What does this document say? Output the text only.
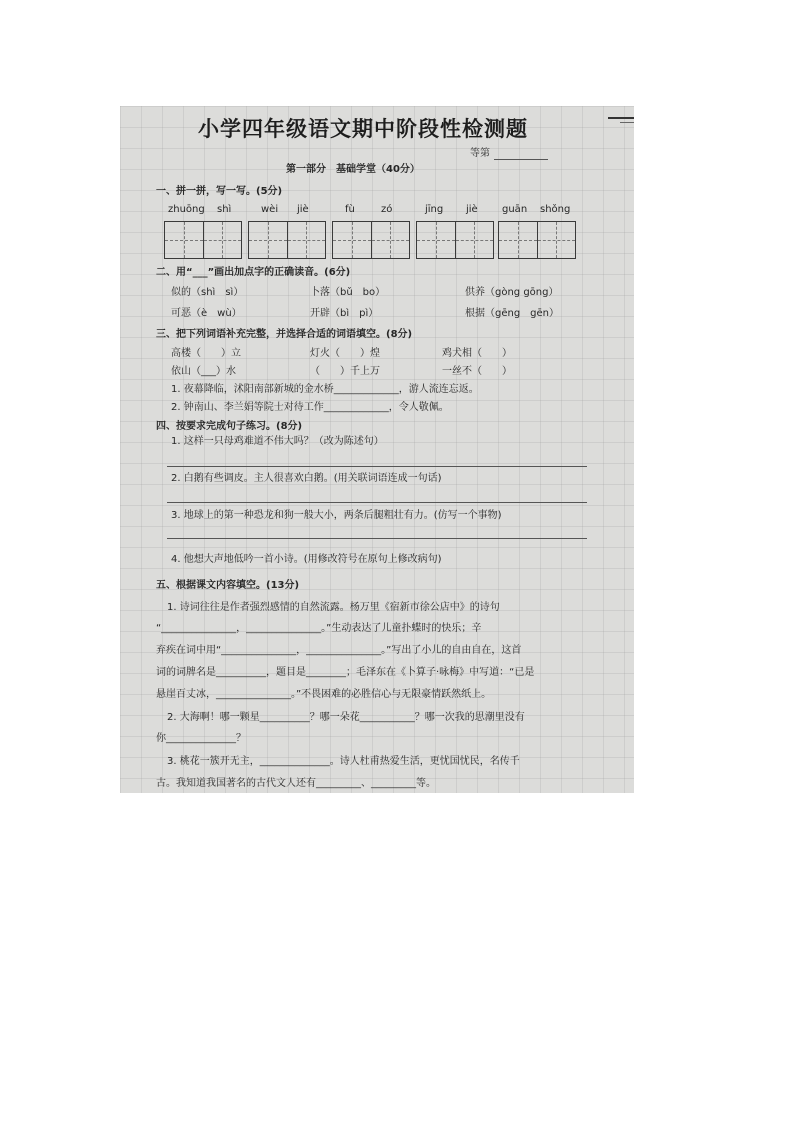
小学四年级语文期中阶段性检测题
等第
第一部分　基础学堂（40分）
一、拼一拼，写一写。(5分)
zhuōng shì	wèi jiè	fù	zó	jīng jiè guān shǒng
二、用“___”画出加点字的正确读音。(6分)
似的（shì　sì）	卜落（bǔ　bo）	供养（gòng gōng）
可恶（è　wù）	开辟（bì　pì）	根据（gēng　gēn）
三、把下列词语补充完整，并选择合适的词语填空。(8分)
高楼（　　）立	灯火（　　）煌	鸡犬相（　　）
依山（___）水	（　　）千上万	一丝不（　　）
1. 夜幕降临，沭阳南部新城的金水桥_____________，游人流连忘返。
2. 钟南山、李兰娟等院士对待工作_____________，令人敬佩。
四、按要求完成句子练习。(8分)
1. 这样一只母鸡难道不伟大吗？（改为陈述句）
2. 白鹅有些调皮。主人很喜欢白鹅。(用关联词语连成一句话)
3. 地球上的第一种恐龙和狗一般大小，两条后腿粗壮有力。(仿写一个事物)
4. 他想大声地低吟一首小诗。(用修改符号在原句上修改病句)
五、根据课文内容填空。(13分)
1. 诗词往往是作者强烈感情的自然流露。杨万里《宿新市徐公店中》的诗句
“_______________，_______________。”生动表达了儿童扑蝶时的快乐；辛
弃疾在词中用“_______________，_______________。”写出了小儿的自由自在，这首
词的词牌名是__________，题目是________；毛泽东在《卜算子·咏梅》中写道：“已是
悬崖百丈冰，_______________。”不畏困难的必胜信心与无限豪情跃然纸上。
2. 大海啊！哪一颗星__________？哪一朵花___________？哪一次我的思潮里没有
你______________？
3. 桃花一簇开无主，______________。诗人杜甫热爱生活，更忧国忧民，名传千
古。我知道我国著名的古代文人还有_________、_________等。
